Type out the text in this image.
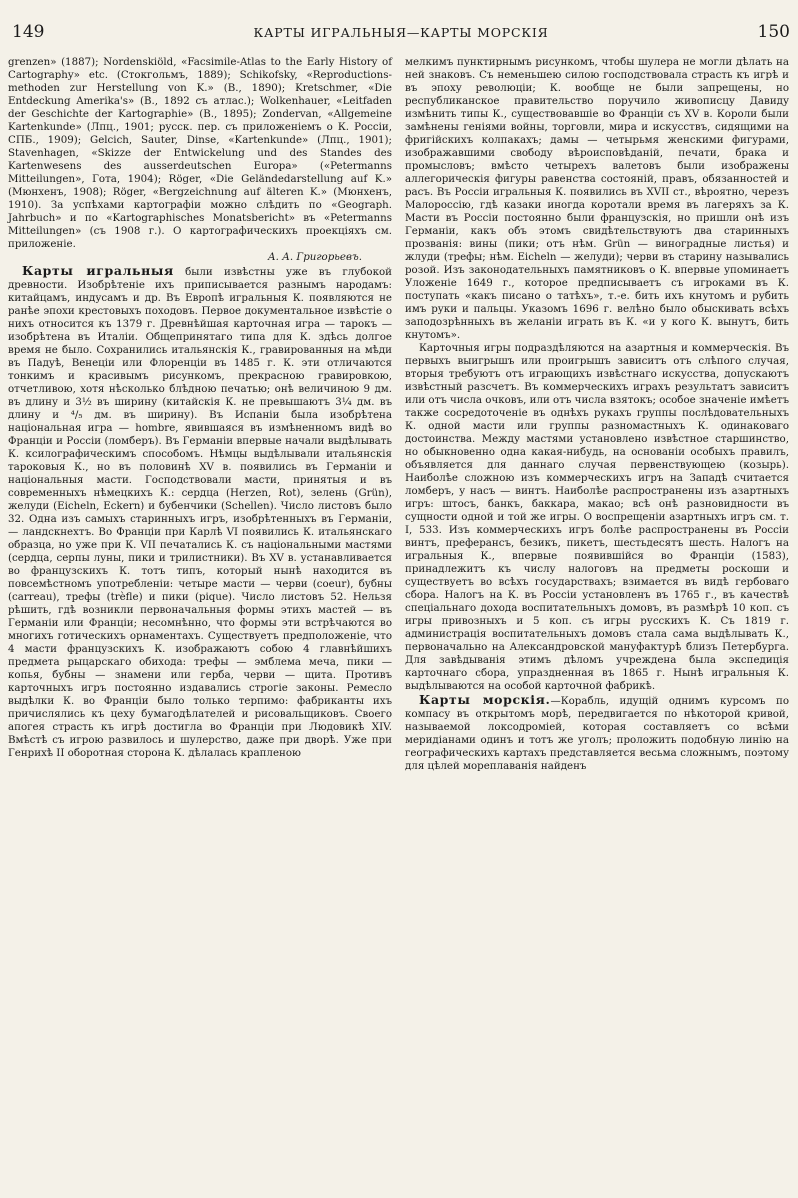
149	КАРТЫ ИГРАЛЬНЫЯ—КАРТЫ МОРСКІЯ	150

grenzen» (1887); Nordenskiöld, «Facsimile-Atlas to the Early History of Cartography» etc. (Стокгольмъ, 1889); Schikofsky, «Reproductions-methoden zur Herstellung von K.» (B., 1890); Kretschmer, «Die Entdeckung Amerika's» (B., 1892 съ атлас.); Wolkenhauer, «Leitfaden der Geschichte der Kartographie» (B., 1895); Zondervan, «Allgemeine Kartenkunde» (Лпц., 1901; русск. пер. съ приложеніемъ о К. Россіи, СПБ., 1909); Gelcich, Sauter, Dinse, «Kartenkunde» (Лпц., 1901); Stavenhagen, «Skizze der Entwickelung und des Standes des Kartenwesens des ausserdeutschen Europa» («Petermanns Mitteilungen», Гота, 1904); Röger, «Die Geländedarstellung auf K.» (Мюнхенъ, 1908); Röger, «Bergzeichnung auf älteren K.» (Мюнхенъ, 1910). За успѣхами картографіи можно слѣдить по «Geograph. Jahrbuch» и по «Kartographisches Monatsbericht» въ «Petermanns Mitteilungen» (съ 1908 г.). О картографическихъ проекціяхъ см. приложеніе.

А. А. Григорьевъ.

Карты игральныя были извѣстны уже въ глубокой древности. Изобрѣтеніе ихъ приписывается разнымъ народамъ: китайцамъ, индусамъ и др. Въ Европѣ игральныя К. появляются не ранѣе эпохи крестовыхъ походовъ. Первое документальное извѣстіе о нихъ относится къ 1379 г. Древнѣйшая карточная игра — тарокъ — изобрѣтена въ Италіи. Общепринятаго типа для К. здѣсь долгое время не было. Сохранились итальянскія К., гравированныя на мѣди въ Падуѣ, Венеціи или Флоренціи въ 1485 г. К. эти отличаются тонкимъ и красивымъ рисункомъ, прекрасною гравировкою, отчетливою, хотя нѣсколько блѣдною печатью; онѣ величиною 9 дм. въ длину и 3½ въ ширину (китайскія К. не превышаютъ 3¼ дм. въ длину и ⁴/₅ дм. въ ширину). Въ Испаніи была изобрѣтена національная игра — hombre, явившаяся въ измѣненномъ видѣ во Франціи и Россіи (ломберъ). Въ Германіи впервые начали выдѣлывать К. ксилографическимъ способомъ. Нѣмцы выдѣлывали итальянскія тароковыя К., но въ половинѣ XV в. появились въ Германіи и національныя масти. Господствовали масти, принятыя и въ современныхъ нѣмецкихъ К.: сердца (Herzen, Rot), зелень (Grün), желуди (Eicheln, Eckern) и бубенчики (Schellen). Число листовъ было 32. Одна изъ самыхъ старинныхъ игръ, изобрѣтенныхъ въ Германіи, — ландскнехтъ. Во Франціи при Карлѣ VI появились К. итальянскаго образца, но уже при К. VII печатались К. съ національными мастями (сердца, серпы луны, пики и трилистники). Въ XV в. устанавливается во французскихъ К. тотъ типъ, который нынѣ находится въ повсемѣстномъ употребленіи: четыре масти — черви (coeur), бубны (carreau), трефы (trèfle) и пики (pique). Число листовъ 52. Нельзя рѣшить, гдѣ возникли первоначальныя формы этихъ мастей — въ Германіи или Франціи; несомнѣнно, что формы эти встрѣчаются во многихъ готическихъ орнаментахъ. Существуетъ предположеніе, что 4 масти французскихъ К. изображаютъ собою 4 главнѣйшихъ предмета рыцарскаго обихода: трефы — эмблема меча, пики — копья, бубны — знамени или герба, черви — щита. Противъ карточныхъ игръ постоянно издавались строгіе законы. Ремесло выдѣлки К. во Франціи было только терпимо: фабриканты ихъ причислялись къ цеху бумагодѣлателей и рисовальщиковъ. Своего апогея страсть къ игрѣ достигла во Франціи при Людовикѣ XIV. Вмѣстѣ съ игрою развилось и шулерство, даже при дворѣ. Уже при Генрихѣ II оборотная сторона К. дѣлалась крапленою

мелкимъ пунктирнымъ рисункомъ, чтобы шулера не могли дѣлать на ней знаковъ. Съ неменьшею силою господствовала страсть къ игрѣ и въ эпоху революціи; К. вообще не были запрещены, но республиканское правительство поручило живописцу Давиду измѣнить типы К., существовавшіе во Франціи съ XV в. Короли были замѣнены геніями войны, торговли, мира и искусствъ, сидящими на фригійскихъ колпакахъ; дамы — четырьмя женскими фигурами, изображавшими свободу вѣроисповѣданій, печати, брака и промысловъ; вмѣсто четырехъ валетовъ были изображены аллегорическія фигуры равенства состояній, правъ, обязанностей и расъ. Въ Россіи игральныя К. появились въ XVII ст., вѣроятно, черезъ Малороссію, гдѣ казаки иногда коротали время въ лагеряхъ за К. Масти въ Россіи постоянно были французскія, но пришли онѣ изъ Германіи, какъ объ этомъ свидѣтельствуютъ два старинныхъ прозванія: вины (пики; отъ нѣм. Grün — виноградные листья) и жлуди (трефы; нѣм. Eicheln — желуди); черви въ старину назывались розой. Изъ законодательныхъ памятниковъ о К. впервые упоминаетъ Уложеніе 1649 г., которое предписываетъ съ игроками въ К. поступать «какъ писано о татѣхъ», т.-е. бить ихъ кнутомъ и рубить имъ руки и пальцы. Указомъ 1696 г. велѣно было обыскивать всѣхъ заподозрѣнныхъ въ желаніи играть въ К. «и у кого К. вынутъ, бить кнутомъ».

Карточныя игры подраздѣляются на азартныя и коммерческія. Въ первыхъ выигрышъ или проигрышъ зависитъ отъ слѣпого случая, вторыя требуютъ отъ играющихъ извѣстнаго искусства, допускаютъ извѣстный разсчетъ. Въ коммерческихъ играхъ результатъ зависитъ или отъ числа очковъ, или отъ числа взятокъ; особое значеніе имѣетъ также сосредоточеніе въ однѣхъ рукахъ группы послѣдовательныхъ К. одной масти или группы разномастныхъ К. одинаковаго достоинства. Между мастями установлено извѣстное старшинство, но обыкновенно одна какая-нибудь, на основаніи особыхъ правилъ, объявляется для даннаго случая первенствующею (козырь). Наиболѣе сложною изъ коммерческихъ игръ на Западѣ считается ломберъ, у насъ — винтъ. Наиболѣе распространены изъ азартныхъ игръ: штосъ, банкъ, баккара, макао; всѣ онѣ разновидности въ сущности одной и той же игры. О воспрещеніи азартныхъ игръ см. т. I, 533. Изъ коммерческихъ игръ болѣе распространены въ Россіи винтъ, преферансъ, безикъ, пикетъ, шестьдесятъ шесть. Налогъ на игральныя К., впервые появившійся во Франціи (1583), принадлежитъ къ числу налоговъ на предметы роскоши и существуетъ во всѣхъ государствахъ; взимается въ видѣ гербоваго сбора. Налогъ на К. въ Россіи установленъ въ 1765 г., въ качествѣ спеціальнаго дохода воспитательныхъ домовъ, въ размѣрѣ 10 коп. съ игры привозныхъ и 5 коп. съ игры русскихъ К. Съ 1819 г. администрація воспитательныхъ домовъ стала сама выдѣлывать К., первоначально на Александровской мануфактурѣ близъ Петербурга. Для завѣдыванія этимъ дѣломъ учреждена была экспедиція карточнаго сбора, упраздненная въ 1865 г. Нынѣ игральныя К. выдѣлываются на особой карточной фабрикѣ.

Карты морскія.—Корабль, идущій однимъ курсомъ по компасу въ открытомъ морѣ, передвигается по нѣкоторой кривой, называемой локсодроміей, которая составляетъ со всѣми меридіанами одинъ и тотъ же уголъ; проложить подобную линію на географическихъ картахъ представляется весьма сложнымъ, поэтому для цѣлей мореплаванія найденъ
